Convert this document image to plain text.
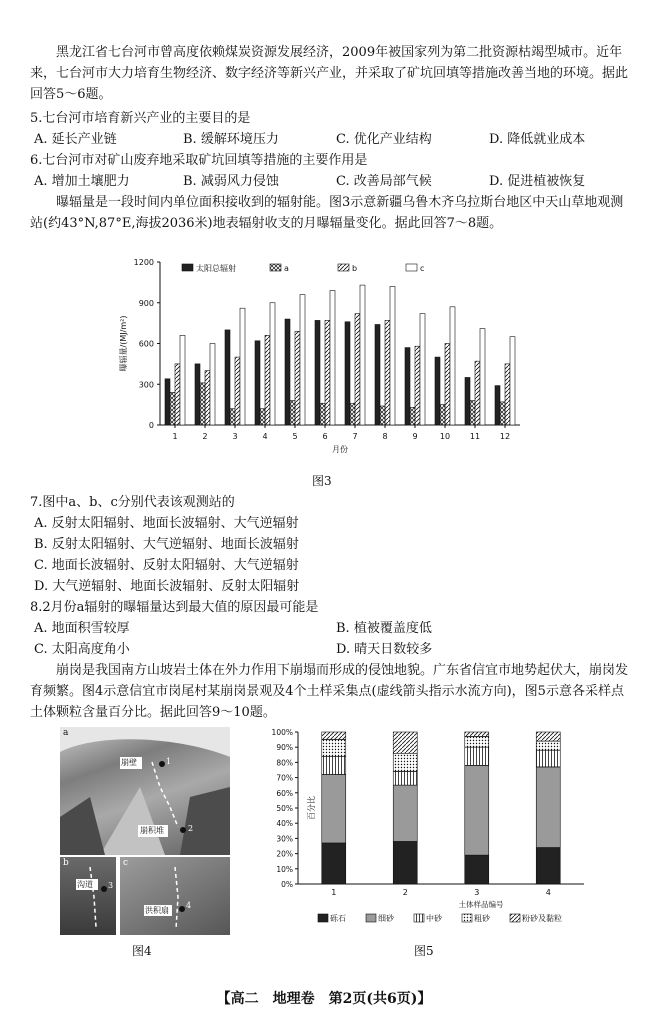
黑龙江省七台河市曾高度依赖煤炭资源发展经济，2009年被国家列为第二批资源枯竭型城市。近年来，七台河市大力培育生物经济、数字经济等新兴产业，并采取了矿坑回填等措施改善当地的环境。据此回答5～6题。
5.七台河市培育新兴产业的主要目的是
A. 延长产业链	B. 缓解环境压力	C. 优化产业结构	D. 降低就业成本
6.七台河市对矿山废弃地采取矿坑回填等措施的主要作用是
A. 增加土壤肥力	B. 减弱风力侵蚀	C. 改善局部气候	D. 促进植被恢复
曝辐量是一段时间内单位面积接收到的辐射能。图3示意新疆乌鲁木齐乌拉斯台地区中天山草地观测站(约43°N,87°E,海拔2036米)地表辐射收支的月曝辐量变化。据此回答7～8题。
0
300
600
900
1200
曝辐量/(MJ/m²)
1	2	3	4	5	6	7	8	9	10 11 12
月份
太阳总辐射	a	b	c
图3
7.图中a、b、c分别代表该观测站的
A. 反射太阳辐射、地面长波辐射、大气逆辐射
B. 反射太阳辐射、大气逆辐射、地面长波辐射
C. 地面长波辐射、反射太阳辐射、大气逆辐射
D. 大气逆辐射、地面长波辐射、反射太阳辐射
8.2月份a辐射的曝辐量达到最大值的原因最可能是
A. 地面积雪较厚	B. 植被覆盖度低
C. 太阳高度角小	D. 晴天日数较多
崩岗是我国南方山坡岩土体在外力作用下崩塌而形成的侵蚀地貌。广东省信宜市地势起伏大，崩岗发育频繁。图4示意信宜市岗尾村某崩岗景观及4个土样采集点(虚线箭头指示水流方向)，图5示意各采样点土体颗粒含量百分比。据此回答9～10题。
a
崩壁
崩积堆
1
2
b
沟道 3
c
洪积扇
4
图4
0%
10%
20%
30%
40%
50%
60%
70%
80%
90%
100%
百分比
1	2	3	4
土体样品编号
砾石	细砂	中砂	粗砂	粉砂及黏粒
图5
【高二　地理卷　第2页(共6页)】
